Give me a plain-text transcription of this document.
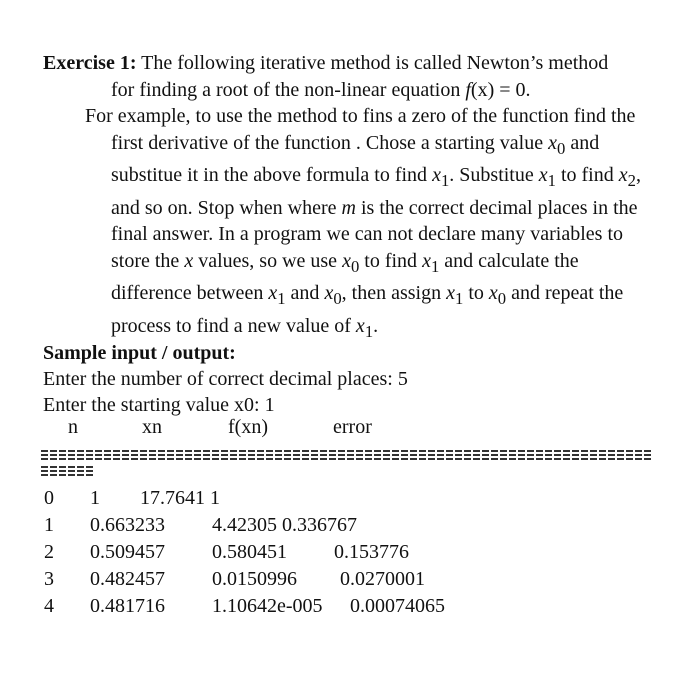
Exercise 1: The following iterative method is called Newton’s method
for finding a root of the non-linear equation f(x) = 0.
For example, to use the method to fins a zero of the function find the
first derivative of the function . Chose a starting value $x_0$ and
substitue it in the above formula to find $x_1$. Substitue $x_1$ to find $x_2$,
and so on. Stop when where m is the correct decimal places in the
final answer. In a program we can not declare many variables to
store the x values, so we use $x_0$ to find $x_1$ and calculate the
difference between $x_1$ and $x_0$, then assign $x_1$ to $x_0$ and repeat the
process to find a new value of $x_1$.
Sample input / output:
Enter the number of correct decimal places: 5
Enter the starting value x0: 1
n	xn	f(xn)	error
0 1 17.7641 1
1 0.663233 4.42305 0.336767
2 0.509457 0.580451 0.153776
3 0.482457 0.0150996 0.0270001
4 0.481716 1.10642e-005 0.00074065
